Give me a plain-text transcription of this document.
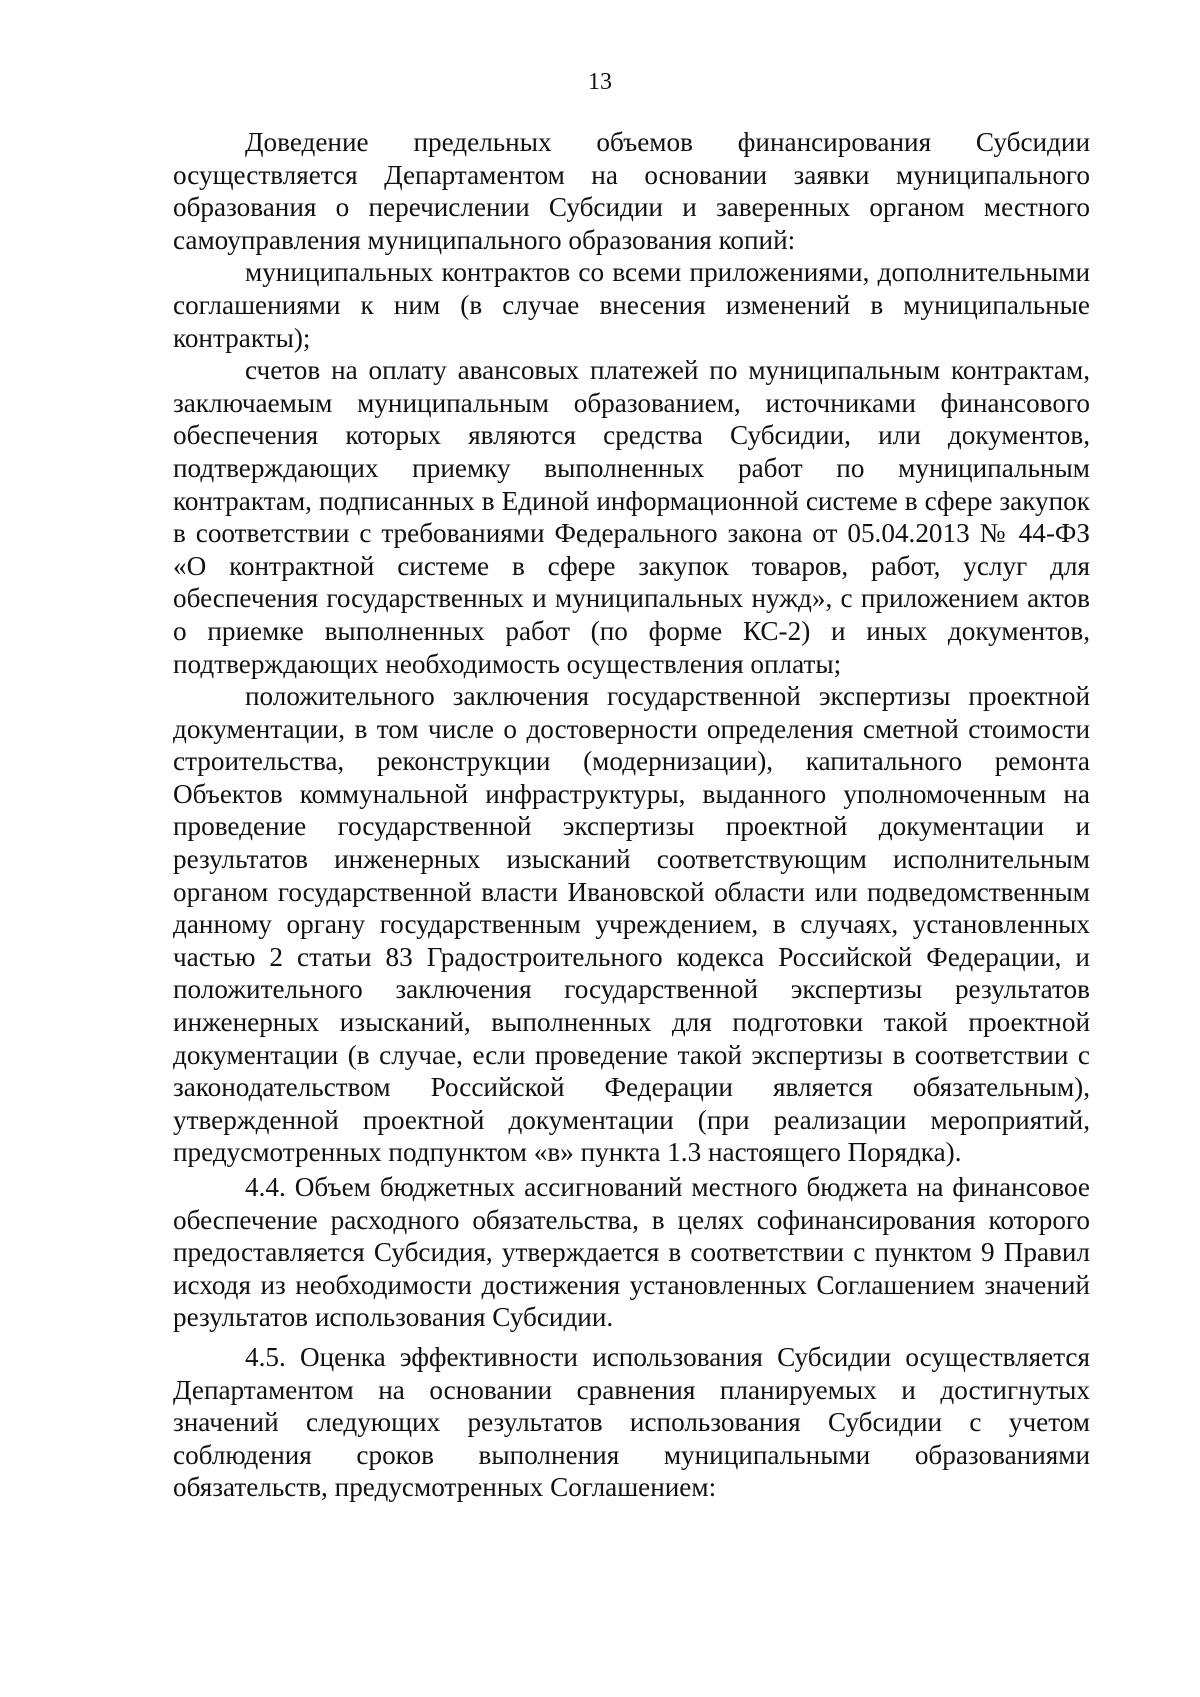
13

Доведение предельных объемов финансирования Субсидии осуществляется Департаментом на основании заявки муниципального образования о перечислении Субсидии и заверенных органом местного самоуправления муниципального образования копий:

муниципальных контрактов со всеми приложениями, дополнительными соглашениями к ним (в случае внесения изменений в муниципальные контракты);

счетов на оплату авансовых платежей по муниципальным контрактам, заключаемым муниципальным образованием, источниками финансового обеспечения которых являются средства Субсидии, или документов, подтверждающих приемку выполненных работ по муниципальным контрактам, подписанных в Единой информационной системе в сфере закупок в соответствии с требованиями Федерального закона от 05.04.2013 № 44-ФЗ «О контрактной системе в сфере закупок товаров, работ, услуг для обеспечения государственных и муниципальных нужд», с приложением актов о приемке выполненных работ (по форме КС-2) и иных документов, подтверждающих необходимость осуществления оплаты;

положительного заключения государственной экспертизы проектной документации, в том числе о достоверности определения сметной стоимости строительства, реконструкции (модернизации), капитального ремонта Объектов коммунальной инфраструктуры, выданного уполномоченным на проведение государственной экспертизы проектной документации и результатов инженерных изысканий соответствующим исполнительным органом государственной власти Ивановской области или подведомственным данному органу государственным учреждением, в случаях, установленных частью 2 статьи 83 Градостроительного кодекса Российской Федерации, и положительного заключения государственной экспертизы результатов инженерных изысканий, выполненных для подготовки такой проектной документации (в случае, если проведение такой экспертизы в соответствии с законодательством Российской Федерации является обязательным), утвержденной проектной документации (при реализации мероприятий, предусмотренных подпунктом «в» пункта 1.3 настоящего Порядка).

4.4. Объем бюджетных ассигнований местного бюджета на финансовое обеспечение расходного обязательства, в целях софинансирования которого предоставляется Субсидия, утверждается в соответствии с пунктом 9 Правил исходя из необходимости достижения установленных Соглашением значений результатов использования Субсидии.

4.5. Оценка эффективности использования Субсидии осуществляется Департаментом на основании сравнения планируемых и достигнутых значений следующих результатов использования Субсидии с учетом соблюдения сроков выполнения муниципальными образованиями обязательств, предусмотренных Соглашением:
